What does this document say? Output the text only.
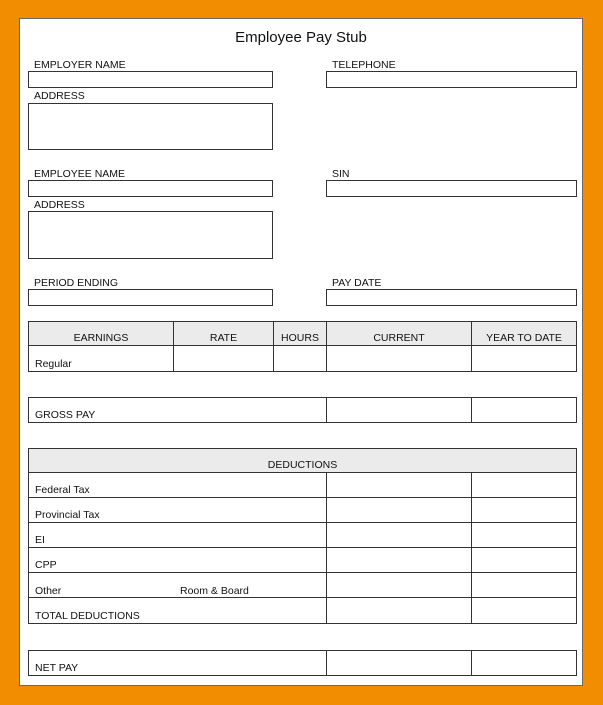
Employee Pay Stub
EMPLOYER NAME	TELEPHONE
ADDRESS
EMPLOYEE NAME	SIN
ADDRESS
PERIOD ENDING	PAY DATE
EARNINGS	RATE	HOURS	CURRENT	YEAR TO DATE
Regular
GROSS PAY
DEDUCTIONS
Federal Tax
Provincial Tax
EI
CPP
Other	Room & Board
TOTAL DEDUCTIONS
NET PAY
